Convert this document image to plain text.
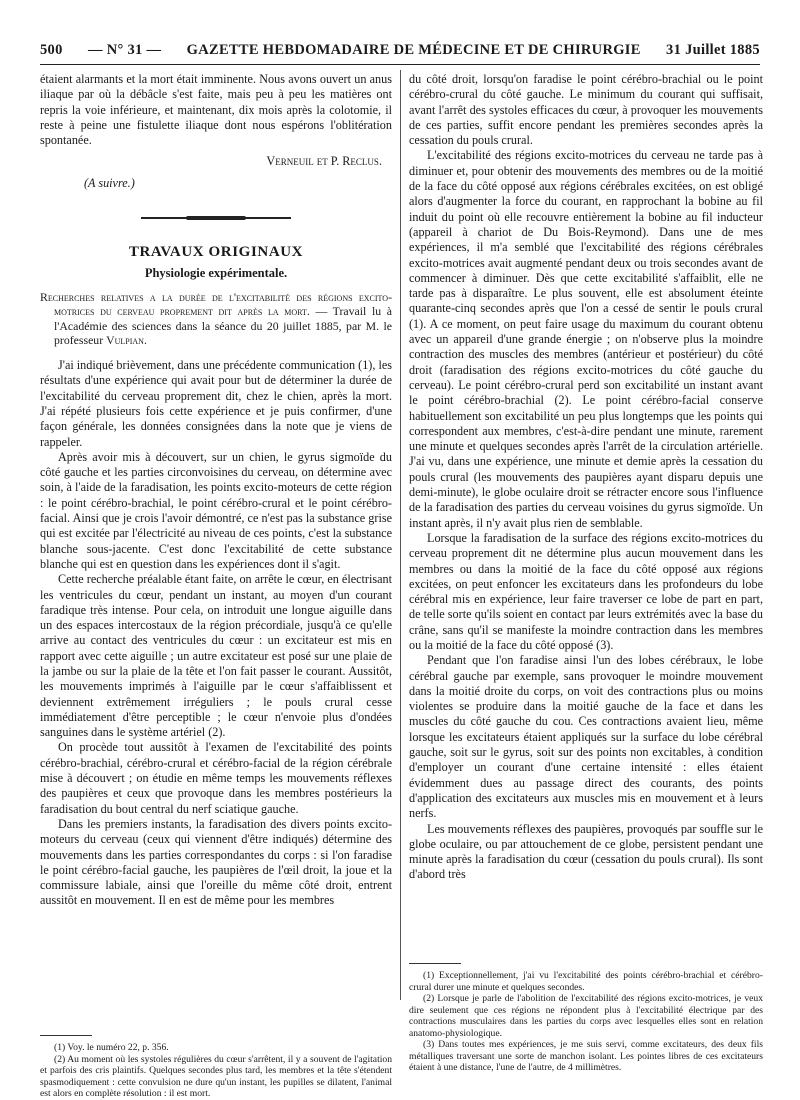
500 — N° 31 — GAZETTE HEBDOMADAIRE DE MÉDECINE ET DE CHIRURGIE 31 Juillet 1885

étaient alarmants et la mort était imminente. Nous avons ouvert un anus iliaque par où la débâcle s'est faite, mais peu à peu les matières ont repris la voie inférieure, et maintenant, dix mois après la colotomie, il reste à peine une fistulette iliaque dont nous espérons l'oblitération spontanée.

Verneuil et P. Reclus.
(A suivre.)
TRAVAUX ORIGINAUX
Physiologie expérimentale.

Recherches relatives a la durée de l'excitabilité des régions excito-motrices du cerveau proprement dit après la mort. — Travail lu à l'Académie des sciences dans la séance du 20 juillet 1885, par M. le professeur Vulpian.

J'ai indiqué brièvement, dans une précédente communication (1), les résultats d'une expérience qui avait pour but de déterminer la durée de l'excitabilité du cerveau proprement dit, chez le chien, après la mort. J'ai répété plusieurs fois cette expérience et je puis confirmer, d'une façon générale, les données consignées dans la note que je viens de rappeler.

Après avoir mis à découvert, sur un chien, le gyrus sigmoïde du côté gauche et les parties circonvoisines du cerveau, on détermine avec soin, à l'aide de la faradisation, les points excito-moteurs de cette région : le point cérébro-brachial, le point cérébro-crural et le point cérébro-facial. Ainsi que je crois l'avoir démontré, ce n'est pas la substance grise qui est excitée par l'électricité au niveau de ces points, c'est la substance blanche sous-jacente. C'est donc l'excitabilité de cette substance blanche qui est en question dans les expériences dont il s'agit.

Cette recherche préalable étant faite, on arrête le cœur, en électrisant les ventricules du cœur, pendant un instant, au moyen d'un courant faradique très intense. Pour cela, on introduit une longue aiguille dans un des espaces intercostaux de la région précordiale, jusqu'à ce qu'elle arrive au contact des ventricules du cœur : un excitateur est mis en rapport avec cette aiguille ; un autre excitateur est posé sur une plaie de la jambe ou sur la plaie de la tête et l'on fait passer le courant. Aussitôt, les mouvements imprimés à l'aiguille par le cœur s'affaiblissent et deviennent extrêmement irréguliers ; le pouls crural cesse immédiatement d'être perceptible ; le cœur n'envoie plus d'ondées sanguines dans le système artériel (2).

On procède tout aussitôt à l'examen de l'excitabilité des points cérébro-brachial, cérébro-crural et cérébro-facial de la région cérébrale mise à découvert ; on étudie en même temps les mouvements réflexes des paupières et ceux que provoque dans les membres postérieurs la faradisation du bout central du nerf sciatique gauche.

Dans les premiers instants, la faradisation des divers points excito-moteurs du cerveau (ceux qui viennent d'être indiqués) détermine des mouvements dans les parties correspondantes du corps : si l'on faradise le point cérébro-facial gauche, les paupières de l'œil droit, la joue et la commissure labiale, ainsi que l'oreille du même côté droit, entrent aussitôt en mouvement. Il en est de même pour les membres

(1) Voy. le numéro 22, p. 356.

(2) Au moment où les systoles régulières du cœur s'arrêtent, il y a souvent de l'agitation et parfois des cris plaintifs. Quelques secondes plus tard, les membres et la tête s'étendent spasmodiquement : cette convulsion ne dure qu'un instant, les pupilles se dilatent, l'animal est alors en complète résolution : il est mort.

du côté droit, lorsqu'on faradise le point cérébro-brachial ou le point cérébro-crural du côté gauche. Le minimum du courant qui suffisait, avant l'arrêt des systoles efficaces du cœur, à provoquer les mouvements de ces parties, suffit encore pendant les premières secondes après la cessation du pouls crural.

L'excitabilité des régions excito-motrices du cerveau ne tarde pas à diminuer et, pour obtenir des mouvements des membres ou de la moitié de la face du côté opposé aux régions cérébrales excitées, on est obligé alors d'augmenter la force du courant, en rapprochant la bobine au fil induit du point où elle recouvre entièrement la bobine au fil inducteur (appareil à chariot de Du Bois-Reymond). Dans une de mes expériences, il m'a semblé que l'excitabilité des régions cérébrales excito-motrices avait augmenté pendant deux ou trois secondes avant de commencer à diminuer. Dès que cette excitabilité s'affaiblit, elle ne tarde pas à disparaître. Le plus souvent, elle est absolument éteinte quarante-cinq secondes après que l'on a cessé de sentir le pouls crural (1). A ce moment, on peut faire usage du maximum du courant obtenu avec un appareil d'une grande énergie ; on n'observe plus la moindre contraction des muscles des membres (antérieur et postérieur) du côté droit (faradisation des régions excito-motrices du côté gauche du cerveau). Le point cérébro-crural perd son excitabilité un instant avant le point cérébro-brachial (2). Le point cérébro-facial conserve habituellement son excitabilité un peu plus longtemps que les points qui correspondent aux membres, c'est-à-dire pendant une minute, rarement une minute et quelques secondes après l'arrêt de la circulation artérielle. J'ai vu, dans une expérience, une minute et demie après la cessation du pouls crural (les mouvements des paupières ayant disparu depuis une demi-minute), le globe oculaire droit se rétracter encore sous l'influence de la faradisation des parties du cerveau voisines du gyrus sigmoïde. Un instant après, il n'y avait plus rien de semblable.

Lorsque la faradisation de la surface des régions excito-motrices du cerveau proprement dit ne détermine plus aucun mouvement dans les membres ou dans la moitié de la face du côté opposé aux régions excitées, on peut enfoncer les excitateurs dans les profondeurs du lobe cérébral mis en expérience, leur faire traverser ce lobe de part en part, de telle sorte qu'ils soient en contact par leurs extrémités avec la base du crâne, sans qu'il se manifeste la moindre contraction dans les membres ou la moitié de la face du côté opposé (3).

Pendant que l'on faradise ainsi l'un des lobes cérébraux, le lobe cérébral gauche par exemple, sans provoquer le moindre mouvement dans la moitié droite du corps, on voit des contractions plus ou moins violentes se produire dans la moitié gauche de la face et dans les muscles du côté gauche du cou. Ces contractions avaient lieu, même lorsque les excitateurs étaient appliqués sur la surface du lobe cérébral gauche, soit sur le gyrus, soit sur des points non excitables, à condition d'employer un courant d'une certaine intensité : elles étaient évidemment dues au passage direct des courants, des points d'application des excitateurs aux muscles mis en mouvement et à leurs nerfs.

Les mouvements réflexes des paupières, provoqués par souffle sur le globe oculaire, ou par attouchement de ce globe, persistent pendant une minute après la faradisation du cœur (cessation du pouls crural). Ils sont d'abord très

(1) Exceptionnellement, j'ai vu l'excitabilité des points cérébro-brachial et cérébro-crural durer une minute et quelques secondes.

(2) Lorsque je parle de l'abolition de l'excitabilité des régions excito-motrices, je veux dire seulement que ces régions ne répondent plus à l'excitabilité électrique par des contractions musculaires dans les parties du corps avec lesquelles elles sont en relation anatomo-physiologique.

(3) Dans toutes mes expériences, je me suis servi, comme excitateurs, des deux fils métalliques traversant une sorte de manchon isolant. Les pointes libres de ces excitateurs étaient à une distance, l'une de l'autre, de 4 millimètres.
